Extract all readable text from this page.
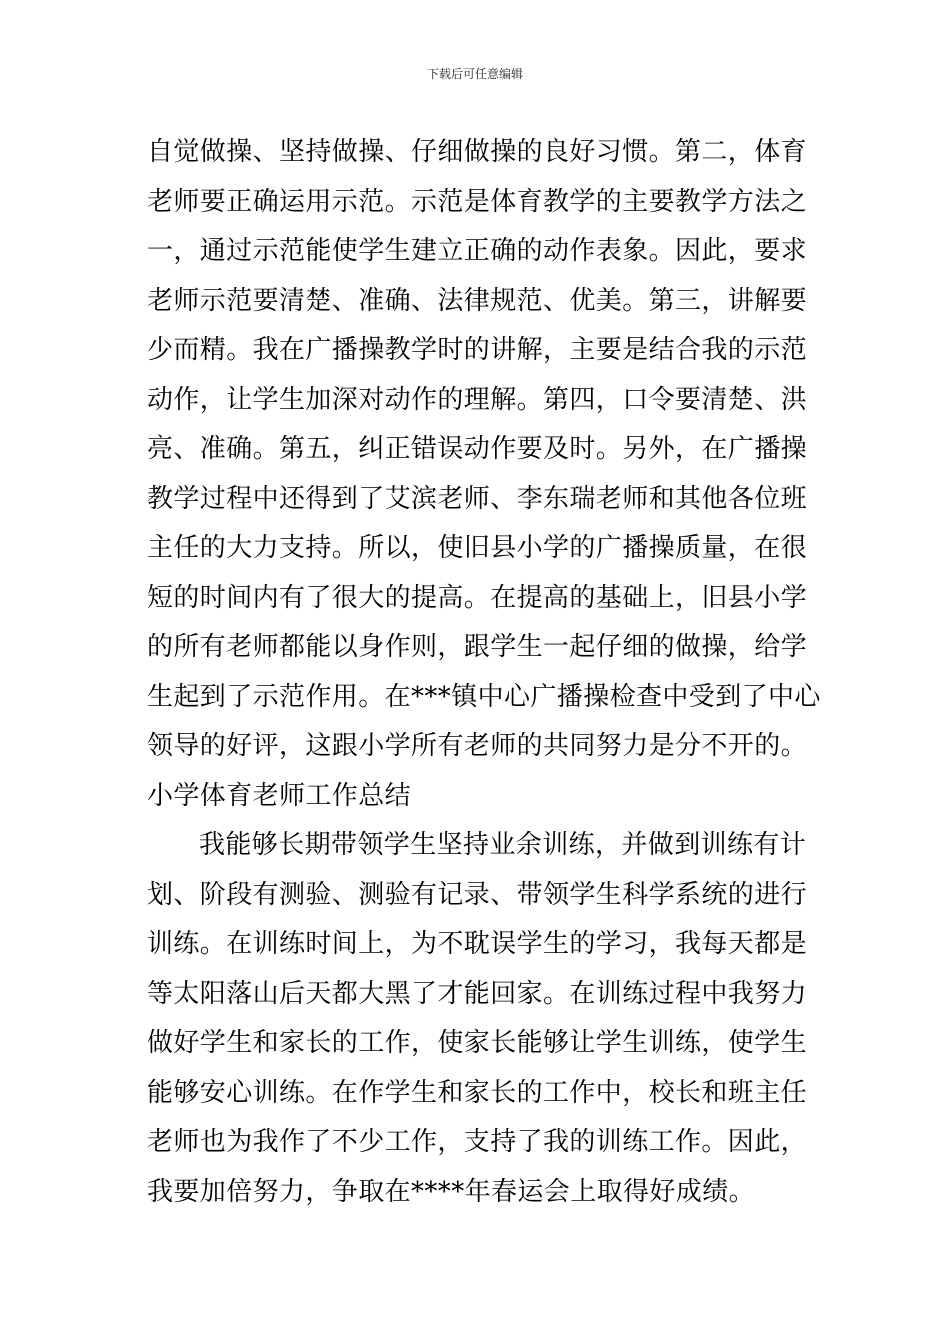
下载后可任意编辑
自觉做操、坚持做操、仔细做操的良好习惯。第二，体育
老师要正确运用示范。示范是体育教学的主要教学方法之
一，通过示范能使学生建立正确的动作表象。因此，要求
老师示范要清楚、准确、法律规范、优美。第三，讲解要
少而精。我在广播操教学时的讲解，主要是结合我的示范
动作，让学生加深对动作的理解。第四，口令要清楚、洪
亮、准确。第五，纠正错误动作要及时。另外，在广播操
教学过程中还得到了艾滨老师、李东瑞老师和其他各位班
主任的大力支持。所以，使旧县小学的广播操质量，在很
短的时间内有了很大的提高。在提高的基础上，旧县小学
的所有老师都能以身作则，跟学生一起仔细的做操，给学
生起到了示范作用。在***镇中心广播操检查中受到了中心
领导的好评，这跟小学所有老师的共同努力是分不开的。
小学体育老师工作总结
我能够长期带领学生坚持业余训练，并做到训练有计
划、阶段有测验、测验有记录、带领学生科学系统的进行
训练。在训练时间上，为不耽误学生的学习，我每天都是
等太阳落山后天都大黑了才能回家。在训练过程中我努力
做好学生和家长的工作，使家长能够让学生训练，使学生
能够安心训练。在作学生和家长的工作中，校长和班主任
老师也为我作了不少工作，支持了我的训练工作。因此，
我要加倍努力，争取在****年春运会上取得好成绩。
